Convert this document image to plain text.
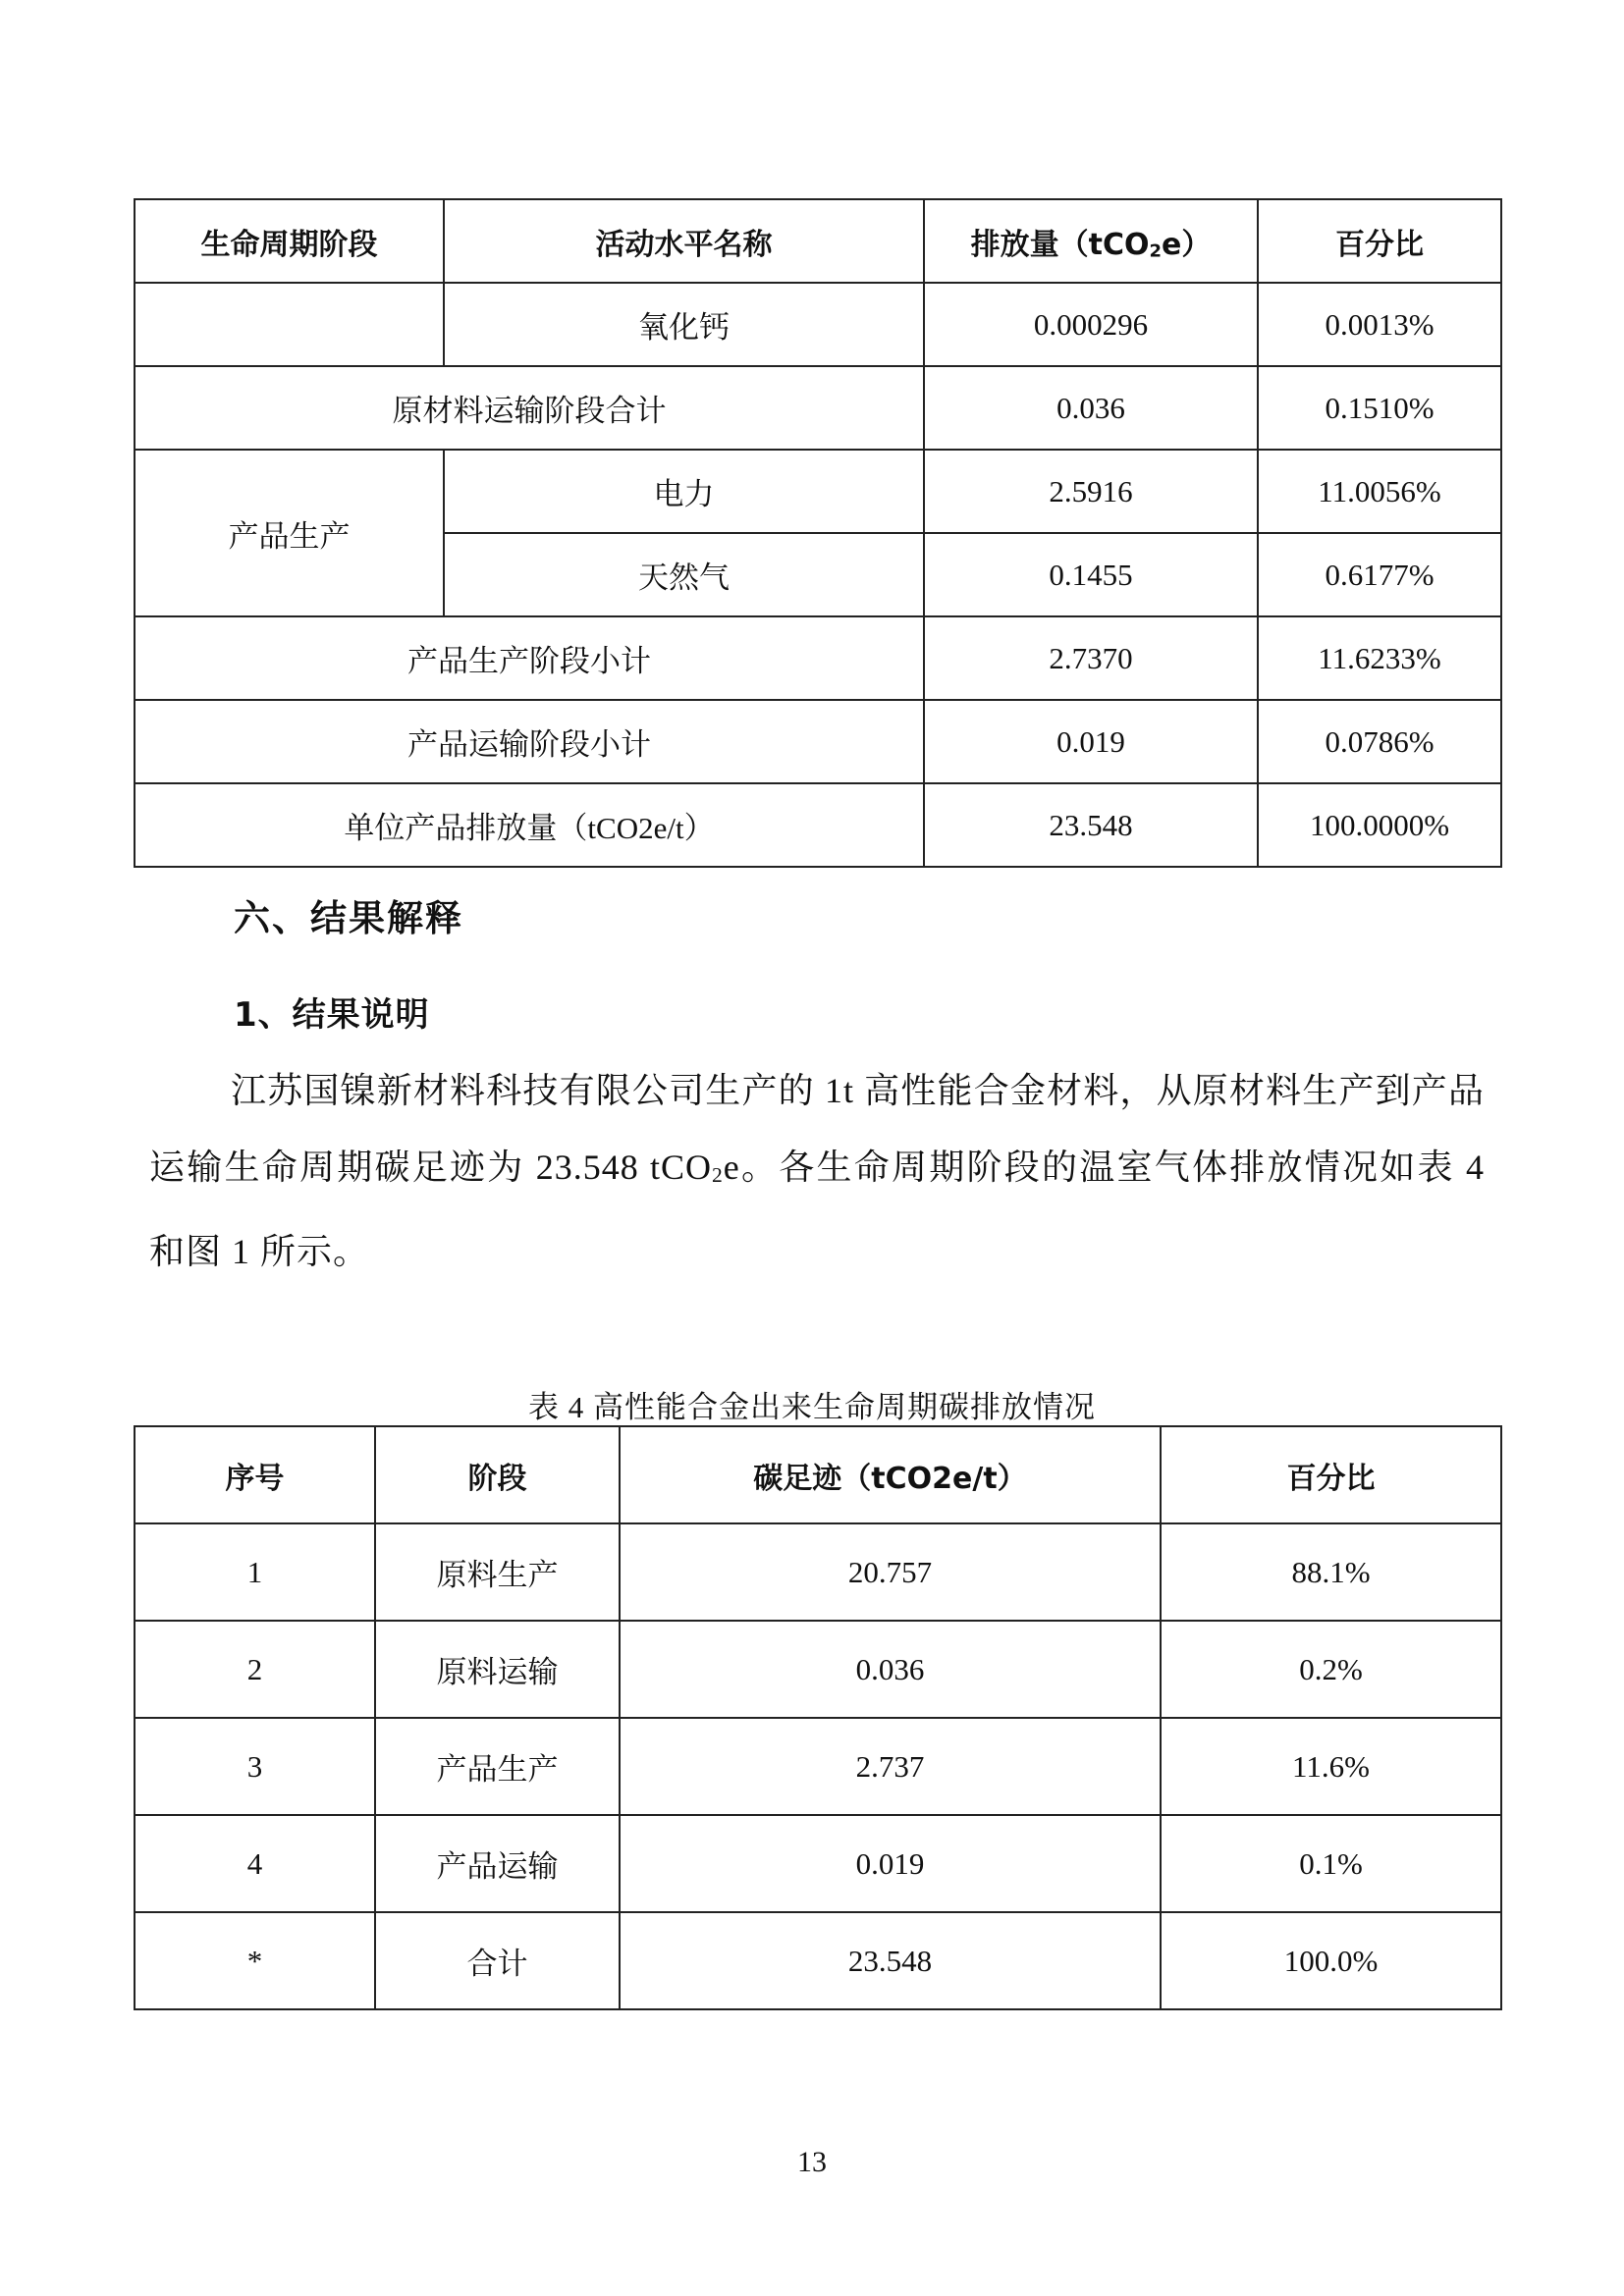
生命周期阶段	活动水平名称	排放量（tCO$_2$e）	百分比
	氧化钙	0.000296	0.0013%
原材料运输阶段合计		0.036	0.1510%
产品生产	电力	2.5916	11.0056%
	天然气	0.1455	0.6177%
产品生产阶段小计		2.7370	11.6233%
产品运输阶段小计		0.019	0.0786%
单位产品排放量（tCO2e/t）		23.548	100.0000%
六、结果解释
1、结果说明

江苏国镍新材料科技有限公司生产的 1t 高性能合金材料，从原材料生产到产品运输生命周期碳足迹为 23.548 tCO$_2$e。各生命周期阶段的温室气体排放情况如表 4 和图 1 所示。

表 4 高性能合金出来生命周期碳排放情况

序号	阶段	碳足迹（tCO2e/t）	百分比
1	原料生产	20.757	88.1%
2	原料运输	0.036	0.2%
3	产品生产	2.737	11.6%
4	产品运输	0.019	0.1%
*	合计	23.548	100.0%

13
